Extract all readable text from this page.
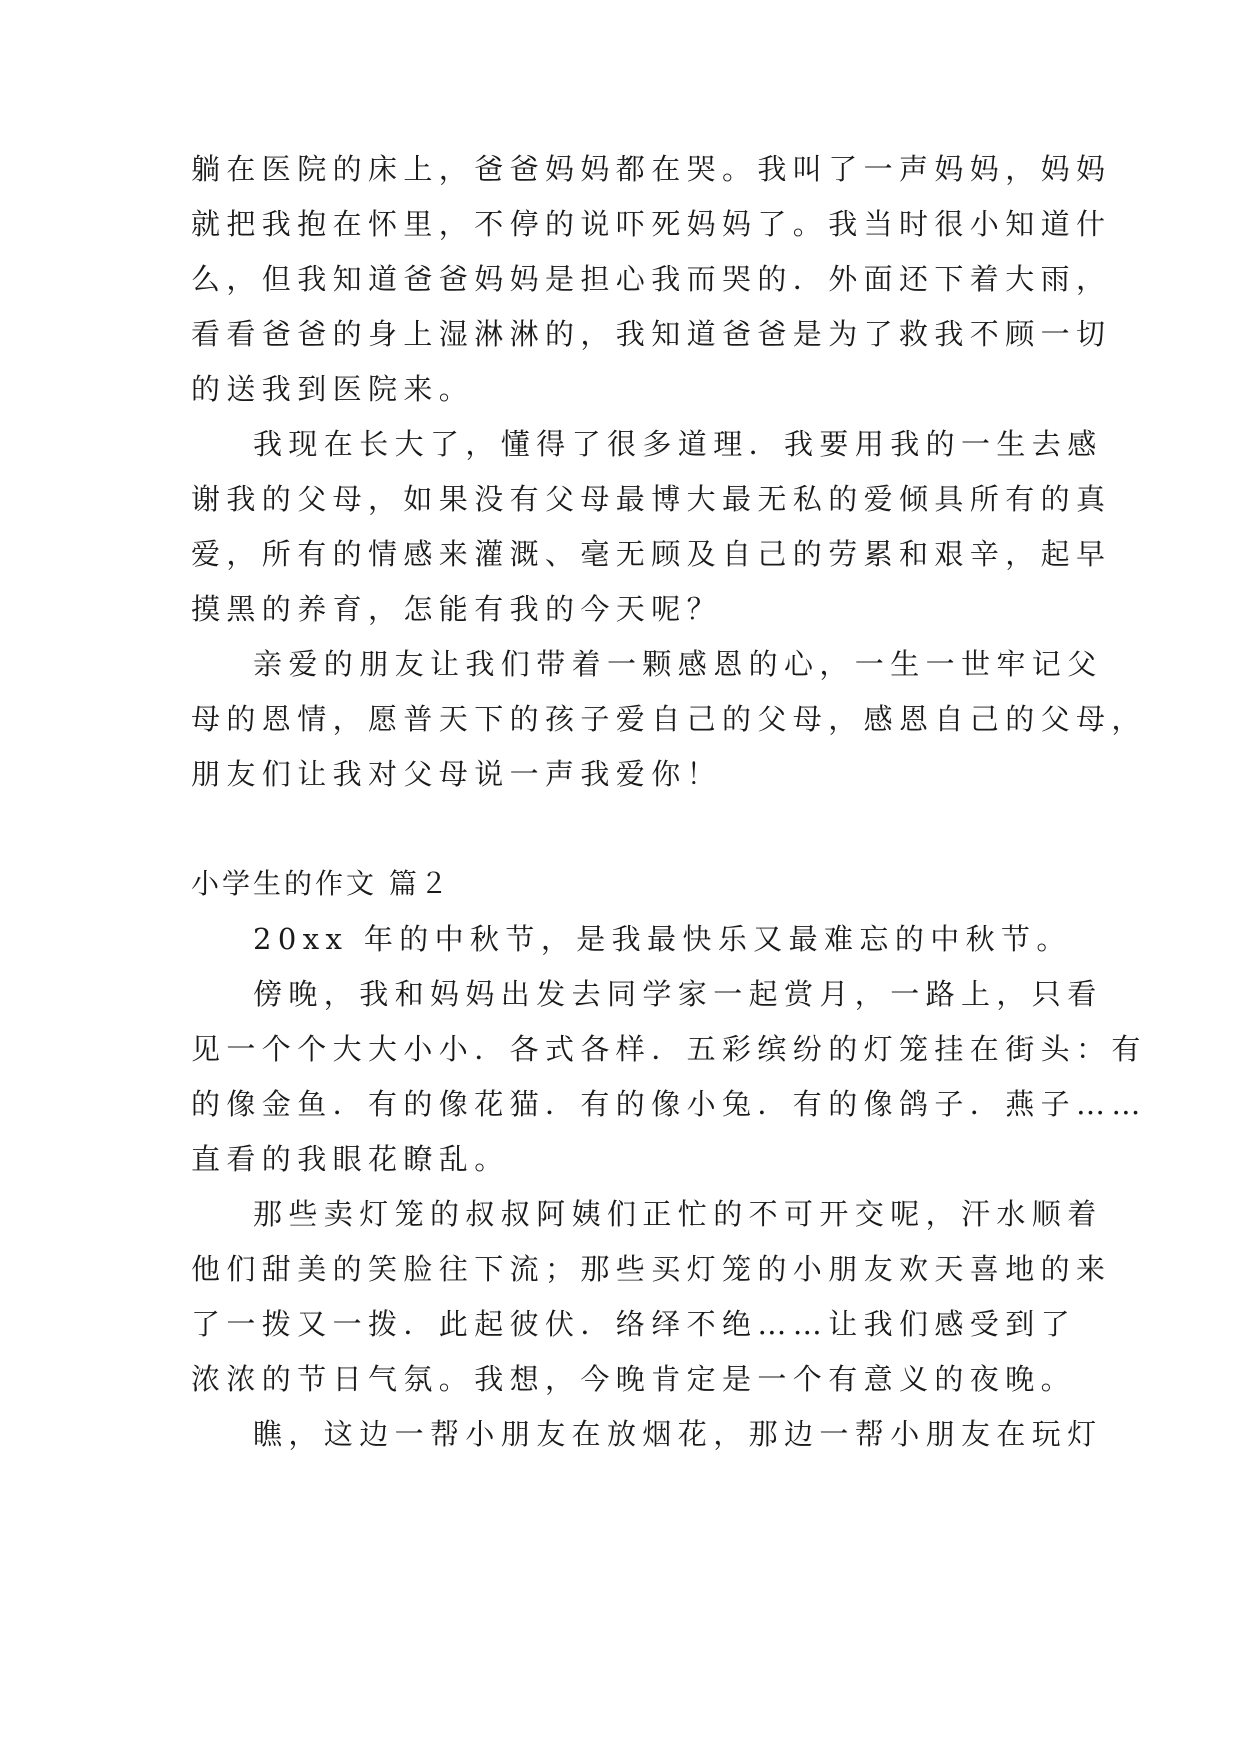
躺在医院的床上，爸爸妈妈都在哭。我叫了一声妈妈，妈妈
就把我抱在怀里，不停的说吓死妈妈了。我当时很小知道什
么，但我知道爸爸妈妈是担心我而哭的．外面还下着大雨，
看看爸爸的身上湿淋淋的，我知道爸爸是为了救我不顾一切
的送我到医院来。
我现在长大了，懂得了很多道理．我要用我的一生去感
谢我的父母，如果没有父母最博大最无私的爱倾具所有的真
爱，所有的情感来灌溉、毫无顾及自己的劳累和艰辛，起早
摸黑的养育，怎能有我的今天呢？
亲爱的朋友让我们带着一颗感恩的心，一生一世牢记父
母的恩情，愿普天下的孩子爱自己的父母，感恩自己的父母，
朋友们让我对父母说一声我爱你！
小学生的作文 篇２
20xx 年的中秋节，是我最快乐又最难忘的中秋节。
傍晚，我和妈妈出发去同学家一起赏月，一路上，只看
见一个个大大小小．各式各样．五彩缤纷的灯笼挂在街头：有
的像金鱼．有的像花猫．有的像小兔．有的像鸽子．燕子……
直看的我眼花瞭乱。
那些卖灯笼的叔叔阿姨们正忙的不可开交呢，汗水顺着
他们甜美的笑脸往下流；那些买灯笼的小朋友欢天喜地的来
了一拨又一拨．此起彼伏．络绎不绝……让我们感受到了
浓浓的节日气氛。我想，今晚肯定是一个有意义的夜晚。
瞧，这边一帮小朋友在放烟花，那边一帮小朋友在玩灯
